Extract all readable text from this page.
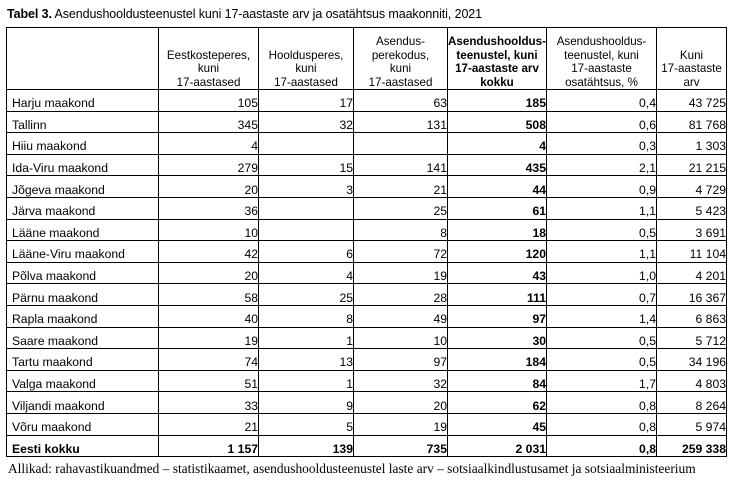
Tabel 3. Asendushooldusteenustel kuni 17-aastaste arv ja osatähtsus maakonniti, 2021

Eestkosteperes,
kuni
17-aastased

Hooldusperes,
kuni
17-aastased

Asendus-
perekodus,
kuni
17-aastased

Asendushooldus-
teenustel, kuni
17-aastaste arv
kokku

Asendushooldus-
teenustel, kuni
17-aastaste
osatähtsus, %

Kuni
17-aastaste
arv

Harju maakond	105	17	63	185	0,4	43 725
Tallinn	345	32	131	508	0,6	81 768
Hiiu maakond	4			4	0,3	1 303
Ida-Viru maakond	279	15	141	435	2,1	21 215
Jõgeva maakond	20	3	21	44	0,9	4 729
Järva maakond	36		25	61	1,1	5 423
Lääne maakond	10		8	18	0,5	3 691
Lääne-Viru maakond	42	6	72	120	1,1	11 104
Põlva maakond	20	4	19	43	1,0	4 201
Pärnu maakond	58	25	28	111	0,7	16 367
Rapla maakond	40	8	49	97	1,4	6 863
Saare maakond	19	1	10	30	0,5	5 712
Tartu maakond	74	13	97	184	0,5	34 196
Valga maakond	51	1	32	84	1,7	4 803
Viljandi maakond	33	9	20	62	0,8	8 264
Võru maakond	21	5	19	45	0,8	5 974
Eesti kokku	1 157	139	735	2 031	0,8	259 338
Allikad: rahavastikuandmed – statistikaamet, asendushooldusteenustel laste arv – sotsiaalkindlustusamet ja sotsiaalministeerium
